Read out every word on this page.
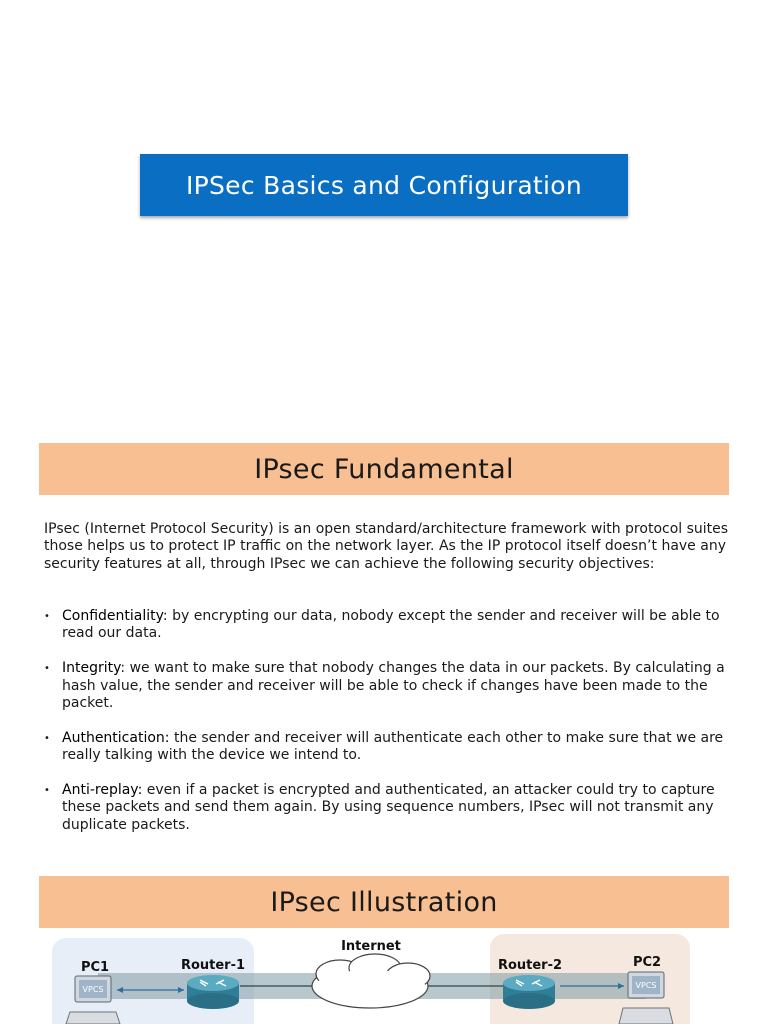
IPSec Basics and Configuration
IPsec Fundamental

IPsec (Internet Protocol Security) is an open standard/architecture framework with protocol suites those helps us to protect IP traffic on the network layer. As the IP protocol itself doesn’t have any security features at all, through IPsec we can achieve the following security objectives:

• Confidentiality: by encrypting our data, nobody except the sender and receiver will be able to read our data.
• Integrity: we want to make sure that nobody changes the data in our packets. By calculating a hash value, the sender and receiver will be able to check if changes have been made to the packet.
• Authentication: the sender and receiver will authenticate each other to make sure that we are really talking with the device we intend to.
• Anti-replay: even if a packet is encrypted and authenticated, an attacker could try to capture these packets and send them again. By using sequence numbers, IPsec will not transmit any duplicate packets.
IPsec Illustration
Internet
VPCS
PC1	Router-1	Router-2
VPCS
PC2
